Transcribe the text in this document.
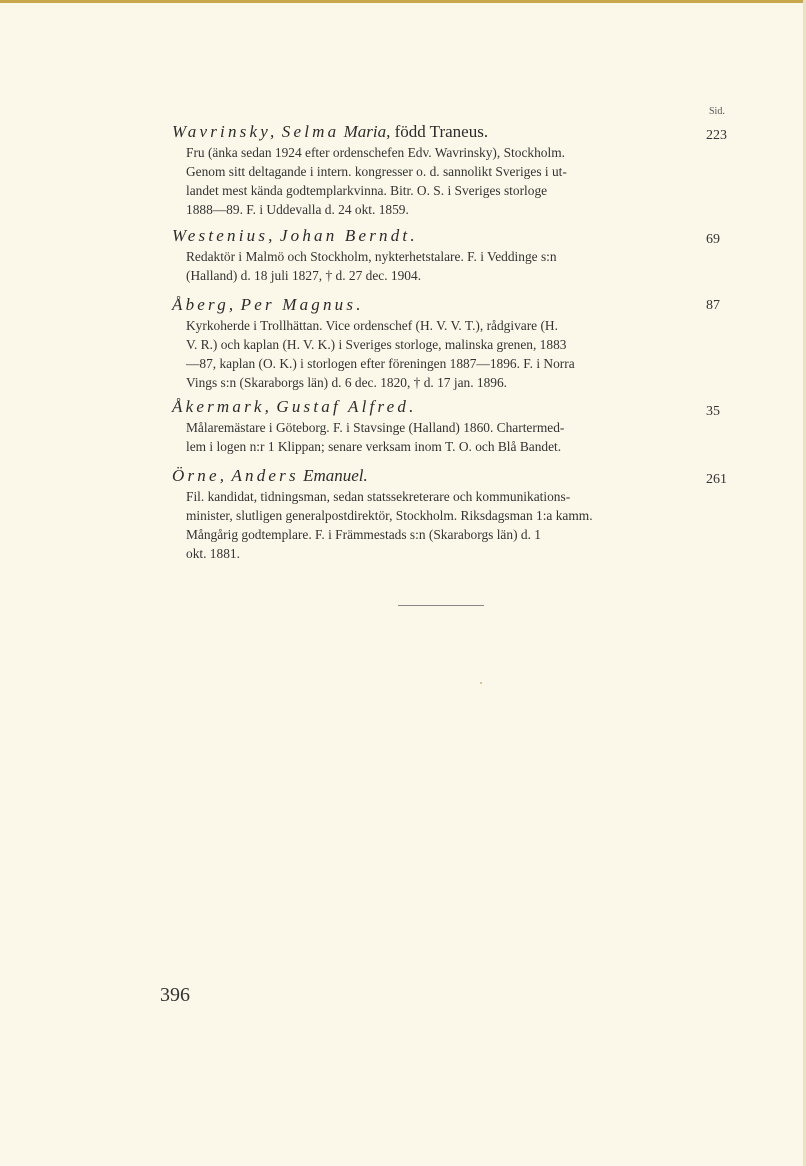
Sid.
Wavrinsky, Selma Maria, född Traneus.
Fru (änka sedan 1924 efter ordenschefen Edv. Wavrinsky), Stockholm.
Genom sitt deltagande i intern. kongresser o. d. sannolikt Sveriges i ut-
landet mest kända godtemplarkvinna. Bitr. O. S. i Sveriges storloge
1888—89. F. i Uddevalla d. 24 okt. 1859.
223
Westenius, Johan Berndt.
Redaktör i Malmö och Stockholm, nykterhetstalare. F. i Veddinge s:n
(Halland) d. 18 juli 1827, † d. 27 dec. 1904.
69
Åberg, Per Magnus.
Kyrkoherde i Trollhättan. Vice ordenschef (H. V. V. T.), rådgivare (H.
V. R.) och kaplan (H. V. K.) i Sveriges storloge, malinska grenen, 1883
—87, kaplan (O. K.) i storlogen efter föreningen 1887—1896. F. i Norra
Vings s:n (Skaraborgs län) d. 6 dec. 1820, † d. 17 jan. 1896.
87
Åkermark, Gustaf Alfred.
Målaremästare i Göteborg. F. i Stavsinge (Halland) 1860. Chartermed-
lem i logen n:r 1 Klippan; senare verksam inom T. O. och Blå Bandet.
35
Örne, Anders Emanuel.
Fil. kandidat, tidningsman, sedan statssekreterare och kommunikations-
minister, slutligen generalpostdirektör, Stockholm. Riksdagsman 1:a kamm.
Mångårig godtemplare. F. i Främmestads s:n (Skaraborgs län) d. 1
okt. 1881.
261
396
